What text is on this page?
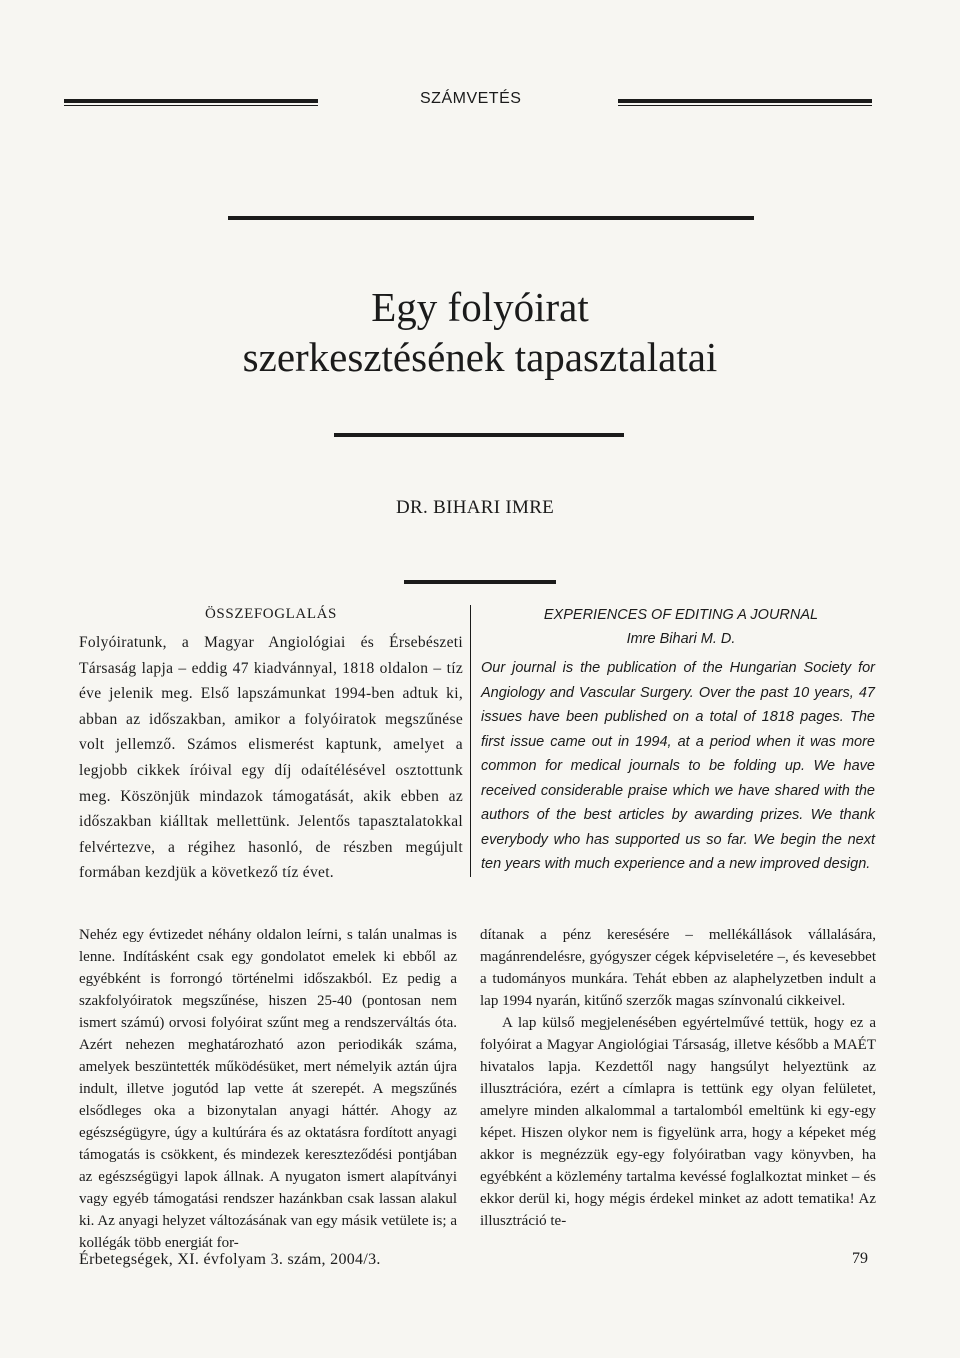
SZÁMVETÉS
Egy folyóirat
szerkesztésének tapasztalatai
DR. BIHARI IMRE
ÖSSZEFOGLALÁS
Folyóiratunk, a Magyar Angiológiai és Érsebészeti Társaság lapja – eddig 47 kiadvánnyal, 1818 oldalon – tíz éve jelenik meg. Első lapszámunkat 1994-ben adtuk ki, abban az időszakban, amikor a folyóiratok megszűnése volt jellemző. Számos elismerést kaptunk, amelyet a legjobb cikkek íróival egy díj odaítélésével osztottunk meg. Köszönjük mindazok támogatását, akik ebben az időszakban kiálltak mellettünk. Jelentős tapasztalatokkal felvértezve, a régihez hasonló, de részben megújult formában kezdjük a következő tíz évet.
EXPERIENCES OF EDITING A JOURNAL
Imre Bihari M. D.
Our journal is the publication of the Hungarian Society for Angiology and Vascular Surgery. Over the past 10 years, 47 issues have been published on a total of 1818 pages. The first issue came out in 1994, at a period when it was more common for medical journals to be folding up. We have received considerable praise which we have shared with the authors of the best articles by awarding prizes. We thank everybody who has supported us so far. We begin the next ten years with much experience and a new improved design.

Nehéz egy évtizedet néhány oldalon leírni, s talán unalmas is lenne. Indításként csak egy gondolatot emelek ki ebből az egyébként is forrongó történelmi időszakból. Ez pedig a szakfolyóiratok megszűnése, hiszen 25-40 (pontosan nem ismert számú) orvosi folyóirat szűnt meg a rendszerváltás óta. Azért nehezen meghatározható azon periodikák száma, amelyek beszüntették működésüket, mert némelyik aztán újra indult, illetve jogutód lap vette át szerepét. A megszűnés elsődleges oka a bizonytalan anyagi háttér. Ahogy az egészségügyre, úgy a kultúrára és az oktatásra fordított anyagi támogatás is csökkent, és mindezek kereszteződési pontjában az egészségügyi lapok állnak. A nyugaton ismert alapítványi vagy egyéb támogatási rendszer hazánkban csak lassan alakul ki. Az anyagi helyzet változásának van egy másik vetülete is; a kollégák több energiát for-

dítanak a pénz keresésére – mellékállások vállalására, magánrendelésre, gyógyszer cégek képviseletére –, és kevesebbet a tudományos munkára. Tehát ebben az alaphelyzetben indult a lap 1994 nyarán, kitűnő szerzők magas színvonalú cikkeivel.

A lap külső megjelenésében egyértelművé tettük, hogy ez a folyóirat a Magyar Angiológiai Társaság, illetve később a MAÉT hivatalos lapja. Kezdettől nagy hangsúlyt helyeztünk az illusztrációra, ezért a címlapra is tettünk egy olyan felületet, amelyre minden alkalommal a tartalomból emeltünk ki egy-egy képet. Hiszen olykor nem is figyelünk arra, hogy a képeket még akkor is megnézzük egy-egy folyóiratban vagy könyvben, ha egyébként a közlemény tartalma kevéssé foglalkoztat minket – és ekkor derül ki, hogy mégis érdekel minket az adott tematika! Az illusztráció te-

Érbetegségek, XI. évfolyam 3. szám, 2004/3.	79
